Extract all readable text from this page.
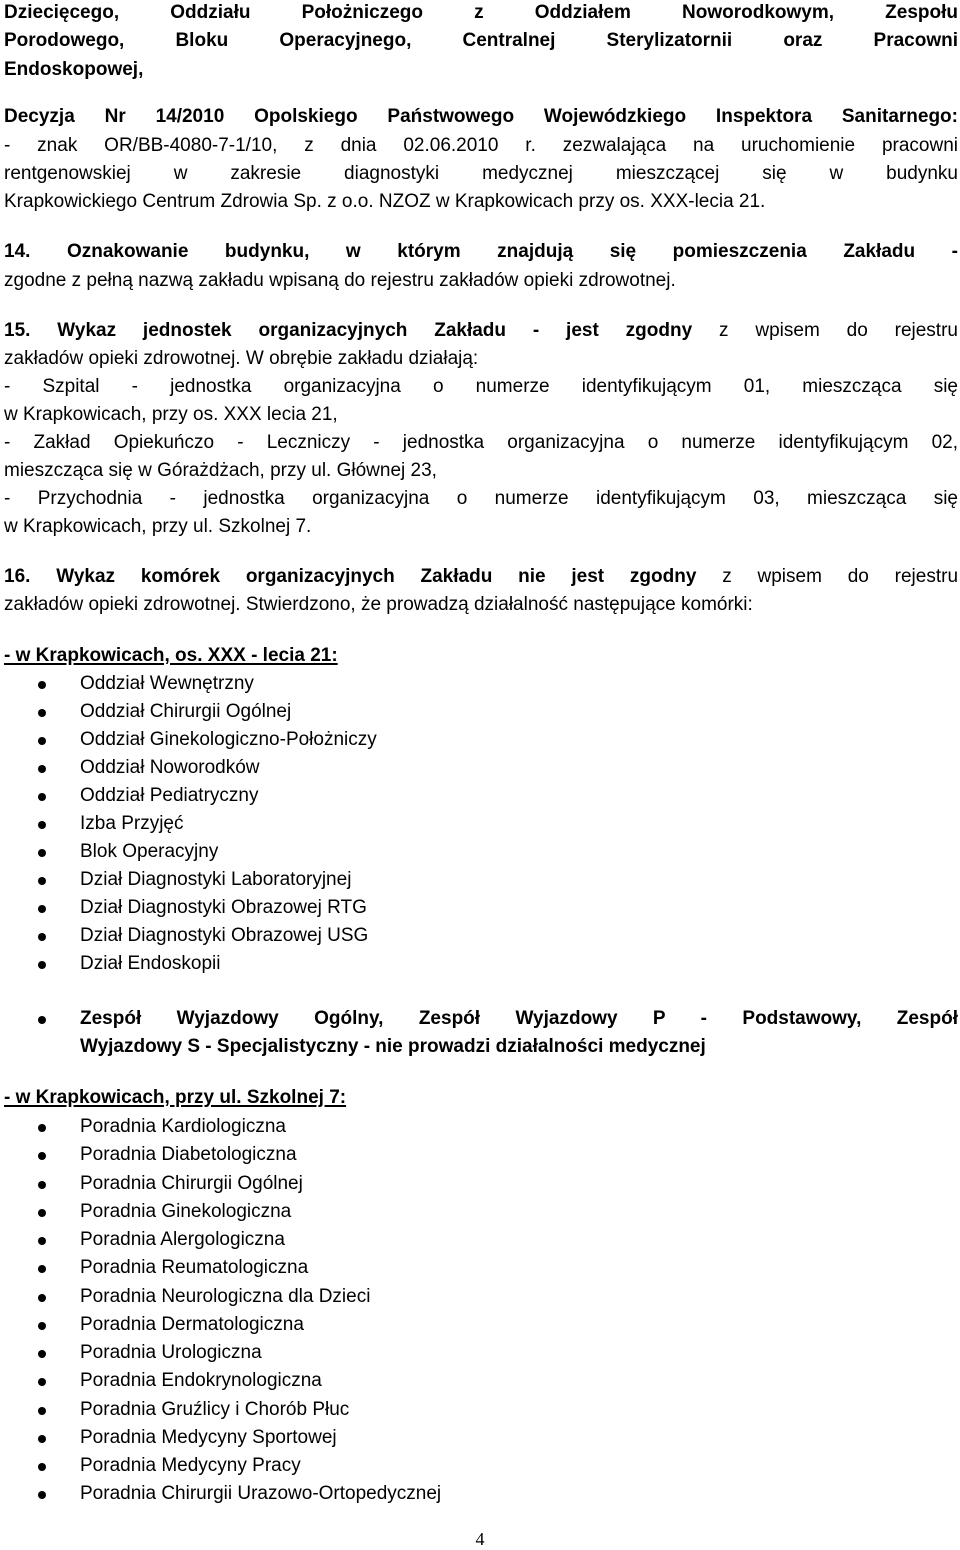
Dziecięcego, Oddziału Położniczego z Oddziałem Noworodkowym, Zespołu
Porodowego, Bloku Operacyjnego, Centralnej Sterylizatornii oraz Pracowni
Endoskopowej,
Decyzja Nr 14/2010 Opolskiego Państwowego Wojewódzkiego Inspektora Sanitarnego:
- znak OR/BB-4080-7-1/10, z dnia 02.06.2010 r. zezwalająca na uruchomienie pracowni
rentgenowskiej w zakresie diagnostyki medycznej mieszczącej się w budynku
Krapkowickiego Centrum Zdrowia Sp. z o.o. NZOZ w Krapkowicach przy os. XXX-lecia 21.
14. Oznakowanie budynku, w którym znajdują się pomieszczenia Zakładu -
zgodne z pełną nazwą zakładu wpisaną do rejestru zakładów opieki zdrowotnej.
15. Wykaz jednostek organizacyjnych Zakładu - jest zgodny z wpisem do rejestru
zakładów opieki zdrowotnej. W obrębie zakładu działają:
- Szpital - jednostka organizacyjna o numerze identyfikującym 01, mieszcząca się
w Krapkowicach, przy os. XXX lecia 21,
- Zakład Opiekuńczo - Leczniczy - jednostka organizacyjna o numerze identyfikującym 02,
mieszcząca się w Górażdżach, przy ul. Głównej 23,
- Przychodnia - jednostka organizacyjna o numerze identyfikującym 03, mieszcząca się
w Krapkowicach, przy ul. Szkolnej 7.
16. Wykaz komórek organizacyjnych Zakładu nie jest zgodny z wpisem do rejestru
zakładów opieki zdrowotnej. Stwierdzono, że prowadzą działalność następujące komórki:
- w Krapkowicach, os. XXX - lecia 21:
Oddział Wewnętrzny
Oddział Chirurgii Ogólnej
Oddział Ginekologiczno-Położniczy
Oddział Noworodków
Oddział Pediatryczny
Izba Przyjęć
Blok Operacyjny
Dział Diagnostyki Laboratoryjnej
Dział Diagnostyki Obrazowej RTG
Dział Diagnostyki Obrazowej USG
Dział Endoskopii
Zespół Wyjazdowy Ogólny, Zespół Wyjazdowy P - Podstawowy, Zespół
Wyjazdowy S - Specjalistyczny - nie prowadzi działalności medycznej
- w Krapkowicach, przy ul. Szkolnej 7:
Poradnia Kardiologiczna
Poradnia Diabetologiczna
Poradnia Chirurgii Ogólnej
Poradnia Ginekologiczna
Poradnia Alergologiczna
Poradnia Reumatologiczna
Poradnia Neurologiczna dla Dzieci
Poradnia Dermatologiczna
Poradnia Urologiczna
Poradnia Endokrynologiczna
Poradnia Gruźlicy i Chorób Płuc
Poradnia Medycyny Sportowej
Poradnia Medycyny Pracy
Poradnia Chirurgii Urazowo-Ortopedycznej
4
